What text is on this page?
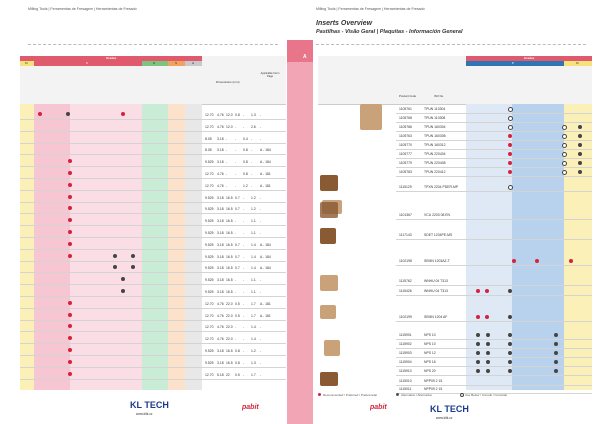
Milling Tools | Ferramentas de Fresagem | Herramientas de Fresado
Grades
M	K	N	S	H
Dimensions (mm)
Applicable Form Page
12.70 4.76 12.0 0.8 - 1.3 -
12.70 4.76 12.0 - - 2.6 -
8.05 3.18 - - 0.4 - -
8.05 3.18 - - 0.8 - A - 184
9.525 3.18 - - 0.8 - A - 184
12.70 4.76 - - 0.8 - A - 181
12.70 4.76 - - 1.2 - A - 181
9.525 3.18 16.5 0.7 - 1.2 -
9.525 3.18 16.5 0.7 - 1.2 -
9.525 3.18 16.5 - - 1.1 -
9.525 3.18 16.5 - - 1.1 -
9.525 3.18 16.5 0.7 - 1.4 A - 184
9.525 3.18 16.5 0.7 - 1.4 A - 184
9.525 3.18 16.5 0.7 - 1.4 A - 184
9.525 3.18 16.5 - - 1.1 -
9.525 3.18 16.5 - - 1.1 -
12.70 4.76 22.0 0.5 - 1.7 A - 181
12.70 4.76 22.0 0.5 - 1.7 A - 181
12.70 4.76 22.0 - - 1.4 -
12.70 4.76 22.0 - - 1.4 -
9.525 3.18 16.5 0.8 - 1.2 -
9.525 3.18 16.5 0.8 - 1.3 -
12.70 5.18 22 0.5 - 1.7 -
KL TECH
www.kltk.cz
pabit
A
Milling Tools | Ferramentas de Fresagem | Herramientas de Fresado
Inserts Overview
Pastilhas - Visão Geral | Plaquitas - Información General
Grades
P	M
Product Code	ISO No.
1105761	TPUN 110304
1105768	TPUN 110308
1105786	TPUN 160304
1105763	TPUN 160308
1105770	TPUN 160312
1105777	TPUN 220404
1105779	TPUN 220408
1105783	TPUN 220412
1115129	TPXN 2204 PDER-MP
1101367	VCU 2203 08 EN
1117143	SDET 1204PE-MS
1102198	SEMN 1203AZ-T
1115762	WNHU 04 T313
1115426	WNHU 04 T313
1102199	SEMN 1204 AF
1115901	NPS 10
1115902	NPS 10
1115903	NPS 12
1115904	NPS 16
1115910	NPS 20
1115010	NPP09 2 15
1115011	NPP09 2 15
Recommended / Preferred / Preferencial	Alternative / Alternativa	Use Below / Consult / Consultar
KL TECH
www.kltk.cz
pabit
